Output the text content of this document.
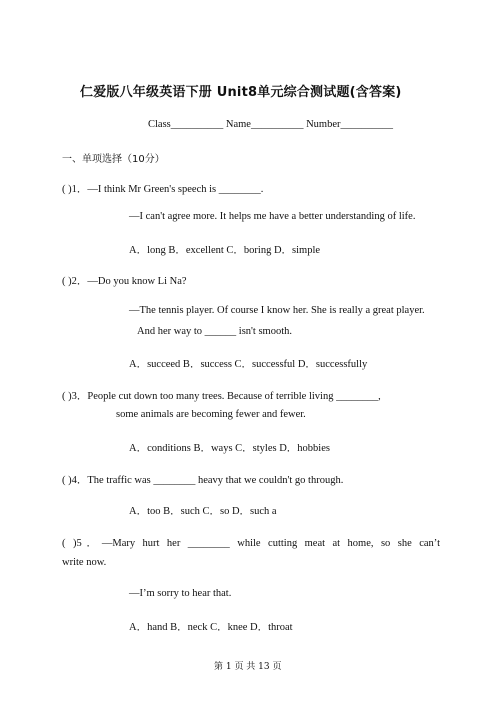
仁爱版八年级英语下册 Unit8单元综合测试题(含答案)
Class__________ Name__________ Number__________
一、单项选择（10分）
( )1．—I think Mr Green's speech is ________.
—I can't agree more. It helps me have a better understanding of life.
A．long B．excellent C．boring D．simple
( )2．—Do you know Li Na?
—The tennis player. Of course I know her. She is really a great player.
And her way to ______ isn't smooth.
A．succeed B．success C．successful D．successfully
( )3．People cut down too many trees. Because of terrible living ________,
some animals are becoming fewer and fewer.
A．conditions B．ways C．styles D．hobbies
( )4．The traffic was ________ heavy that we couldn't go through.
A．too B．such C．so D．such a
( )5．—Mary hurt her ________ while cutting meat at home, so she can’t
write now.
—I’m sorry to hear that.
A．hand B．neck C．knee D．throat
第 1 页 共 13 页
